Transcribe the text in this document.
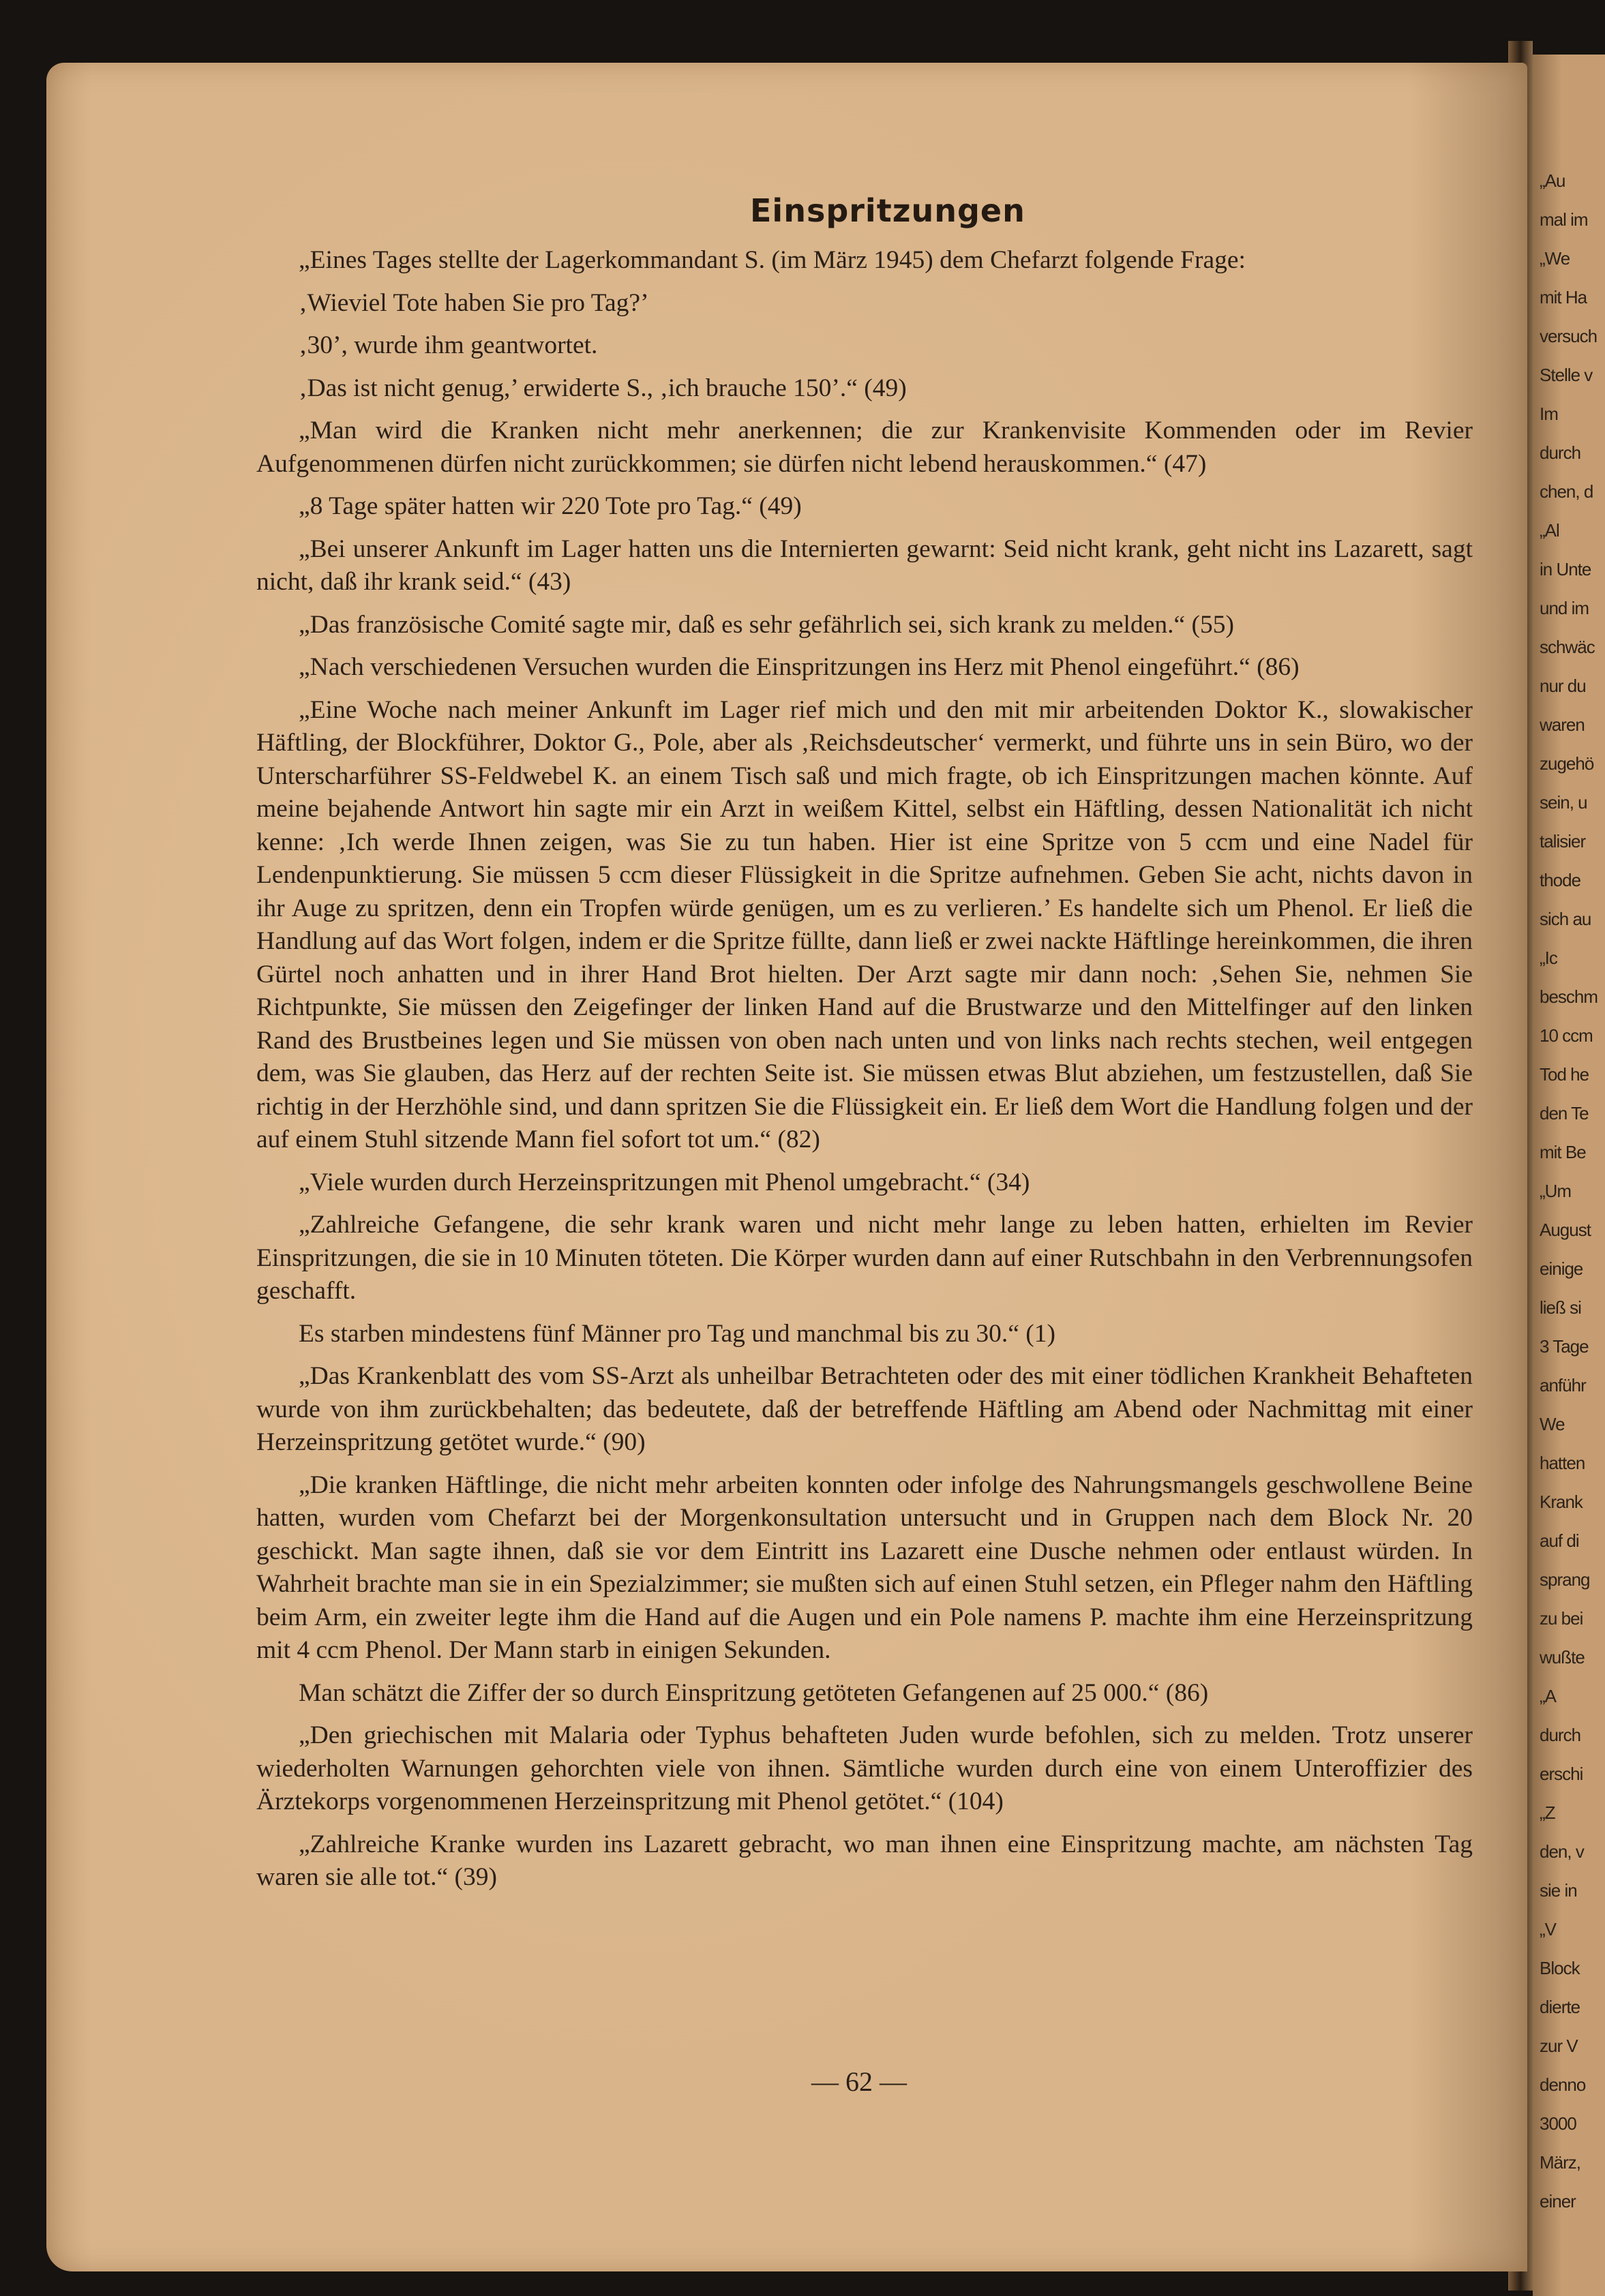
„Au
mal im
„We
mit Ha
versuch
Stelle v
Im
durch
chen, d
„Al
in Unte
und im
schwäc
nur du
waren
zugehö
sein, u
talisier
thode
sich au
„Ic
beschm
10 ccm
Tod he
den Te
mit Be
„Um
August
einige
ließ si
3 Tage
anführ
We
hatten
Krank
auf di
sprang
zu bei
wußte
„A
durch
erschi
„Z
den, v
sie in
„V
Block
dierte
zur V
denno
3000
März,
einer
Einspritzungen

„Eines Tages stellte der Lagerkommandant S. (im März 1945) dem Chefarzt folgende Frage:

‚Wieviel Tote haben Sie pro Tag?’

‚30’, wurde ihm geantwortet.

‚Das ist nicht genug,’ erwiderte S., ‚ich brauche 150’.“ (49)

„Man wird die Kranken nicht mehr anerkennen; die zur Krankenvisite Kommenden oder im Revier Aufgenommenen dürfen nicht zurückkommen; sie dürfen nicht lebend herauskommen.“ (47)

„8 Tage später hatten wir 220 Tote pro Tag.“ (49)

„Bei unserer Ankunft im Lager hatten uns die Internierten gewarnt: Seid nicht krank, geht nicht ins Lazarett, sagt nicht, daß ihr krank seid.“ (43)

„Das französische Comité sagte mir, daß es sehr gefährlich sei, sich krank zu melden.“ (55)

„Nach verschiedenen Versuchen wurden die Einspritzungen ins Herz mit Phenol eingeführt.“ (86)

„Eine Woche nach meiner Ankunft im Lager rief mich und den mit mir arbeitenden Doktor K., slowakischer Häftling, der Blockführer, Doktor G., Pole, aber als ‚Reichsdeutscher‘ vermerkt, und führte uns in sein Büro, wo der Unterscharführer SS-Feldwebel K. an einem Tisch saß und mich fragte, ob ich Einspritzungen machen könnte. Auf meine bejahende Antwort hin sagte mir ein Arzt in weißem Kittel, selbst ein Häftling, dessen Nationalität ich nicht kenne: ‚Ich werde Ihnen zeigen, was Sie zu tun haben. Hier ist eine Spritze von 5 ccm und eine Nadel für Lendenpunktierung. Sie müssen 5 ccm dieser Flüssigkeit in die Spritze aufnehmen. Geben Sie acht, nichts davon in ihr Auge zu spritzen, denn ein Tropfen würde genügen, um es zu verlieren.’ Es handelte sich um Phenol. Er ließ die Handlung auf das Wort folgen, indem er die Spritze füllte, dann ließ er zwei nackte Häftlinge hereinkommen, die ihren Gürtel noch anhatten und in ihrer Hand Brot hielten. Der Arzt sagte mir dann noch: ‚Sehen Sie, nehmen Sie Richtpunkte, Sie müssen den Zeigefinger der linken Hand auf die Brustwarze und den Mittelfinger auf den linken Rand des Brustbeines legen und Sie müssen von oben nach unten und von links nach rechts stechen, weil entgegen dem, was Sie glauben, das Herz auf der rechten Seite ist. Sie müssen etwas Blut abziehen, um festzustellen, daß Sie richtig in der Herzhöhle sind, und dann spritzen Sie die Flüssigkeit ein. Er ließ dem Wort die Handlung folgen und der auf einem Stuhl sitzende Mann fiel sofort tot um.“ (82)

„Viele wurden durch Herzeinspritzungen mit Phenol umgebracht.“ (34)

„Zahlreiche Gefangene, die sehr krank waren und nicht mehr lange zu leben hatten, erhielten im Revier Einspritzungen, die sie in 10 Minuten töteten. Die Körper wurden dann auf einer Rutschbahn in den Verbrennungsofen geschafft.

Es starben mindestens fünf Männer pro Tag und manchmal bis zu 30.“ (1)

„Das Krankenblatt des vom SS-Arzt als unheilbar Betrachteten oder des mit einer tödlichen Krankheit Behafteten wurde von ihm zurückbehalten; das bedeutete, daß der betreffende Häftling am Abend oder Nachmittag mit einer Herzeinspritzung getötet wurde.“ (90)

„Die kranken Häftlinge, die nicht mehr arbeiten konnten oder infolge des Nahrungsmangels geschwollene Beine hatten, wurden vom Chefarzt bei der Morgenkonsultation untersucht und in Gruppen nach dem Block Nr. 20 geschickt. Man sagte ihnen, daß sie vor dem Eintritt ins Lazarett eine Dusche nehmen oder entlaust würden. In Wahrheit brachte man sie in ein Spezialzimmer; sie mußten sich auf einen Stuhl setzen, ein Pfleger nahm den Häftling beim Arm, ein zweiter legte ihm die Hand auf die Augen und ein Pole namens P. machte ihm eine Herzeinspritzung mit 4 ccm Phenol. Der Mann starb in einigen Sekunden.

Man schätzt die Ziffer der so durch Einspritzung getöteten Gefangenen auf 25 000.“ (86)

„Den griechischen mit Malaria oder Typhus behafteten Juden wurde befohlen, sich zu melden. Trotz unserer wiederholten Warnungen gehorchten viele von ihnen. Sämtliche wurden durch eine von einem Unteroffizier des Ärztekorps vorgenommenen Herzeinspritzung mit Phenol getötet.“ (104)

„Zahlreiche Kranke wurden ins Lazarett gebracht, wo man ihnen eine Einspritzung machte, am nächsten Tag waren sie alle tot.“ (39)

— 62 —
